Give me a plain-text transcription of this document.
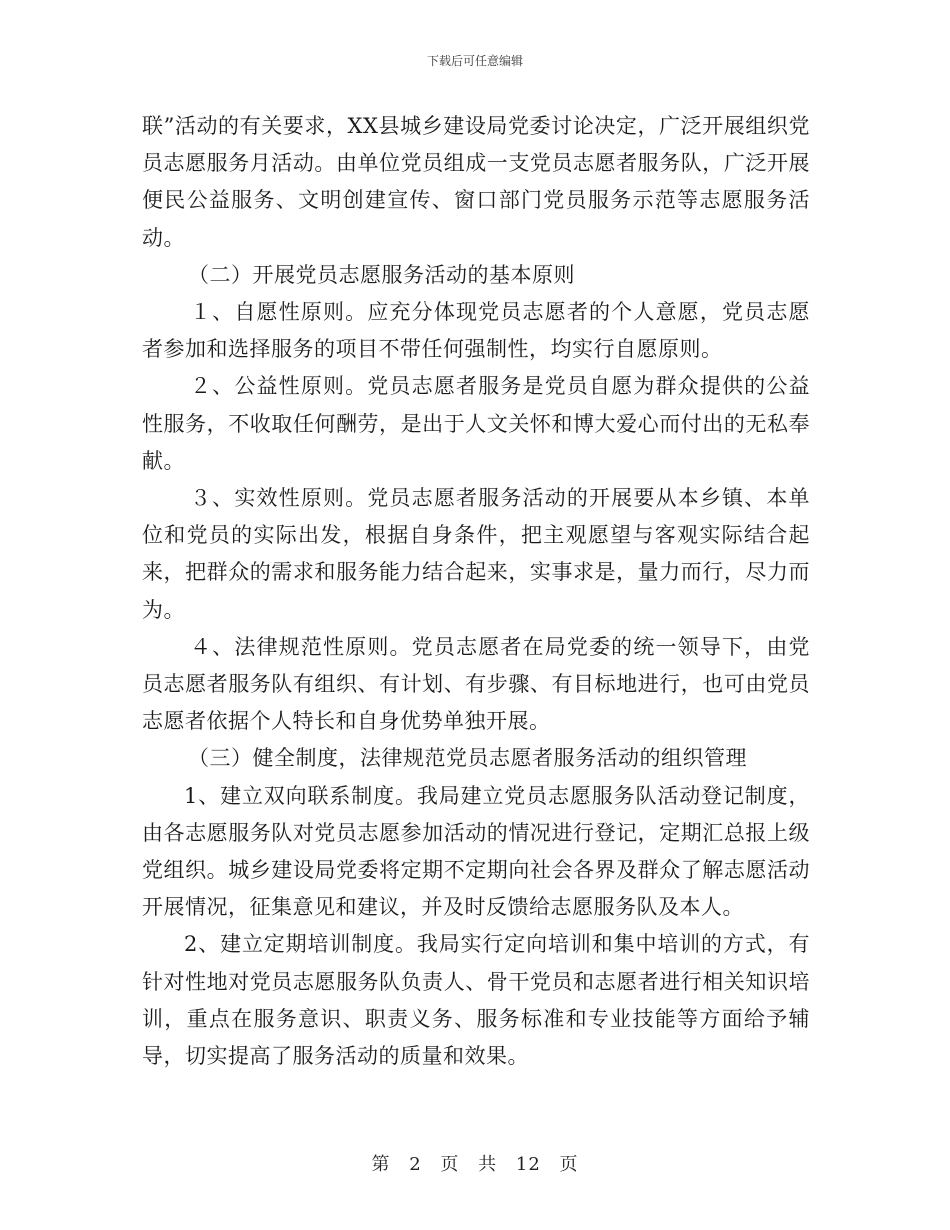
下载后可任意编辑

联”活动的有关要求，XX县城乡建设局党委讨论决定，广泛开展组织党员志愿服务月活动。由单位党员组成一支党员志愿者服务队，广泛开展便民公益服务、文明创建宣传、窗口部门党员服务示范等志愿服务活动。

（二）开展党员志愿服务活动的基本原则

１、自愿性原则。应充分体现党员志愿者的个人意愿，党员志愿者参加和选择服务的项目不带任何强制性，均实行自愿原则。

２、公益性原则。党员志愿者服务是党员自愿为群众提供的公益性服务，不收取任何酬劳，是出于人文关怀和博大爱心而付出的无私奉献。

３、实效性原则。党员志愿者服务活动的开展要从本乡镇、本单位和党员的实际出发，根据自身条件，把主观愿望与客观实际结合起来，把群众的需求和服务能力结合起来，实事求是，量力而行，尽力而为。

４、法律规范性原则。党员志愿者在局党委的统一领导下，由党员志愿者服务队有组织、有计划、有步骤、有目标地进行，也可由党员志愿者依据个人特长和自身优势单独开展。

（三）健全制度，法律规范党员志愿者服务活动的组织管理

1、建立双向联系制度。我局建立党员志愿服务队活动登记制度，由各志愿服务队对党员志愿参加活动的情况进行登记，定期汇总报上级党组织。城乡建设局党委将定期不定期向社会各界及群众了解志愿活动开展情况，征集意见和建议，并及时反馈给志愿服务队及本人。

2、建立定期培训制度。我局实行定向培训和集中培训的方式，有针对性地对党员志愿服务队负责人、骨干党员和志愿者进行相关知识培训，重点在服务意识、职责义务、服务标准和专业技能等方面给予辅导，切实提高了服务活动的质量和效果。

第 2 页 共 12 页
